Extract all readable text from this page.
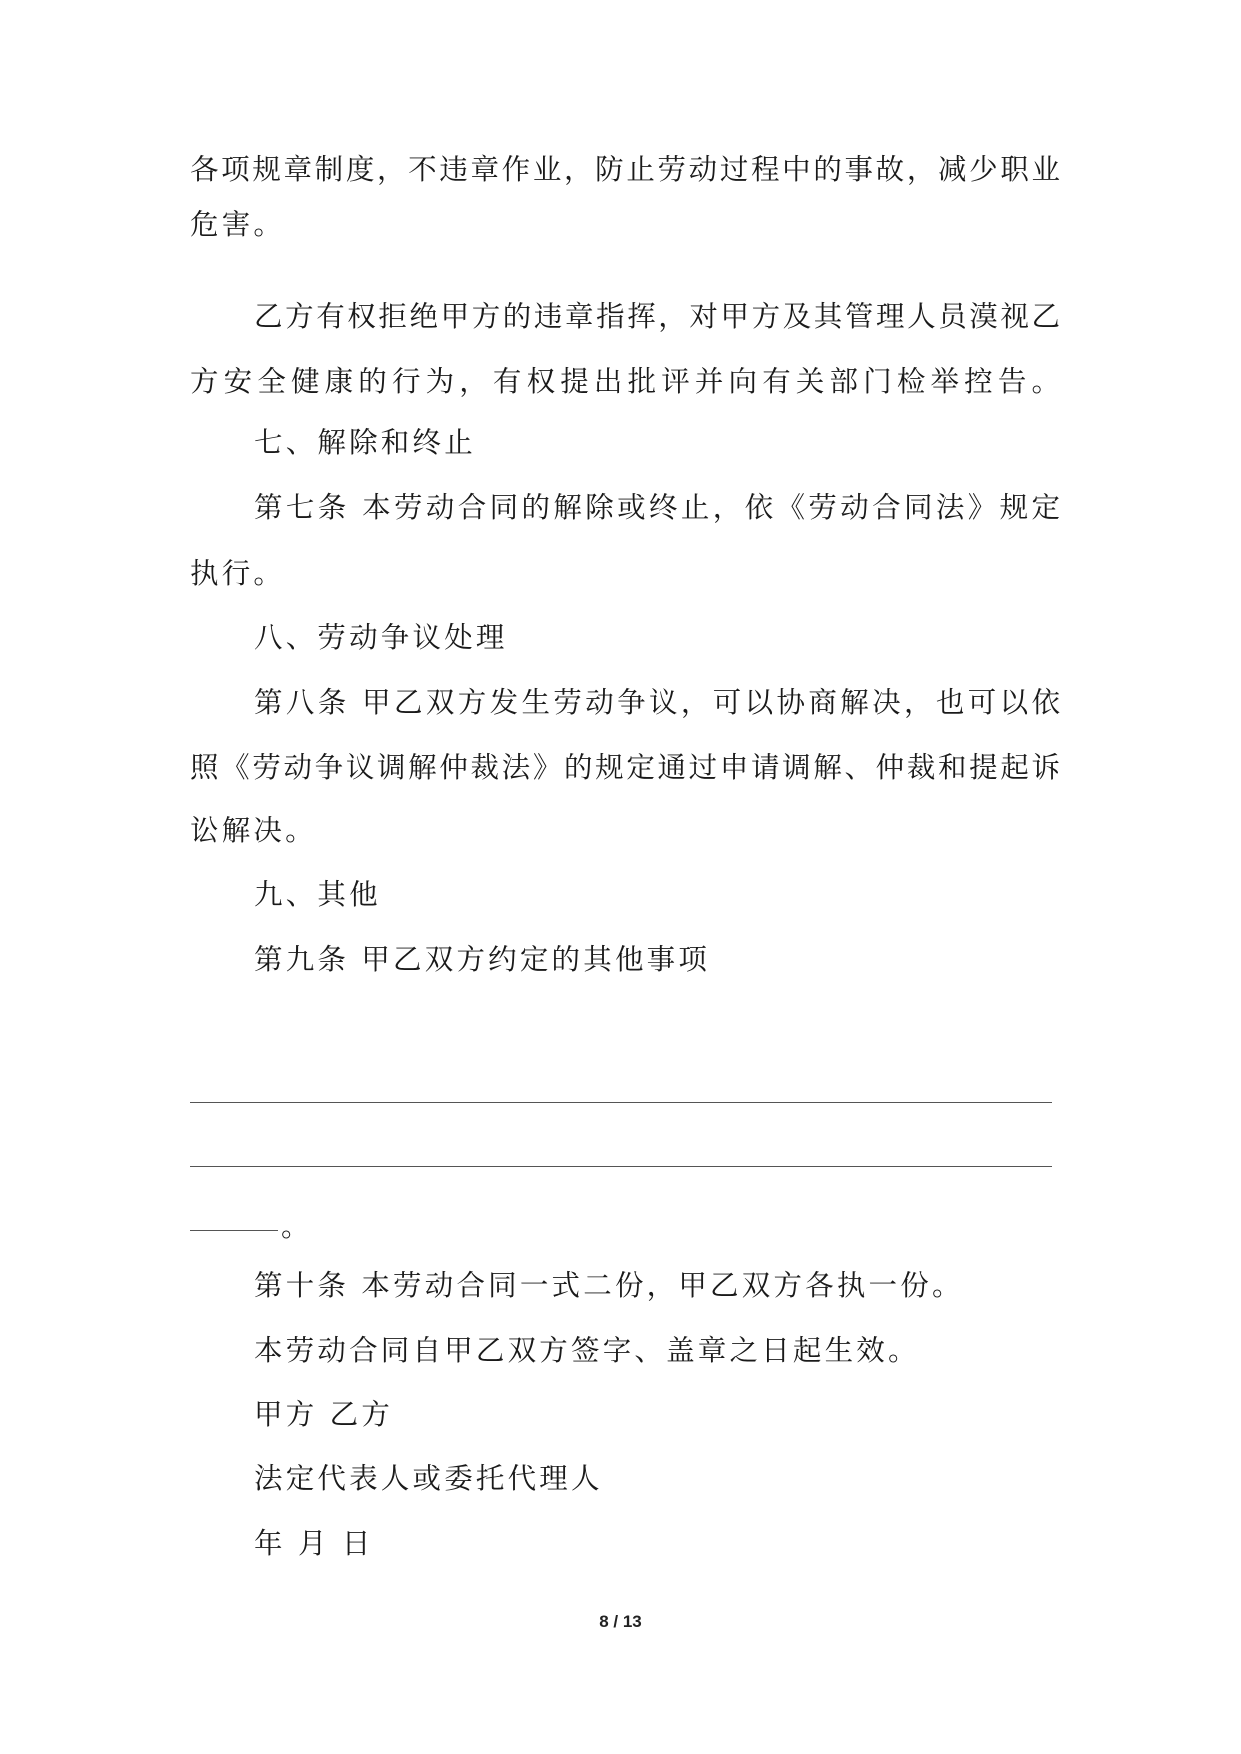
各项规章制度，不违章作业，防止劳动过程中的事故，减少职业

危害。

乙方有权拒绝甲方的违章指挥，对甲方及其管理人员漠视乙

方安全健康的行为，有权提出批评并向有关部门检举控告。

七、解除和终止

第七条 本劳动合同的解除或终止，依《劳动合同法》规定

执行。

八、劳动争议处理

第八条 甲乙双方发生劳动争议，可以协商解决，也可以依

照《劳动争议调解仲裁法》的规定通过申请调解、仲裁和提起诉

讼解决。

九、其他

第九条 甲乙双方约定的其他事项

。

第十条 本劳动合同一式二份，甲乙双方各执一份。

本劳动合同自甲乙双方签字、盖章之日起生效。

甲方 乙方

法定代表人或委托代理人

年 月 日

8 / 13
